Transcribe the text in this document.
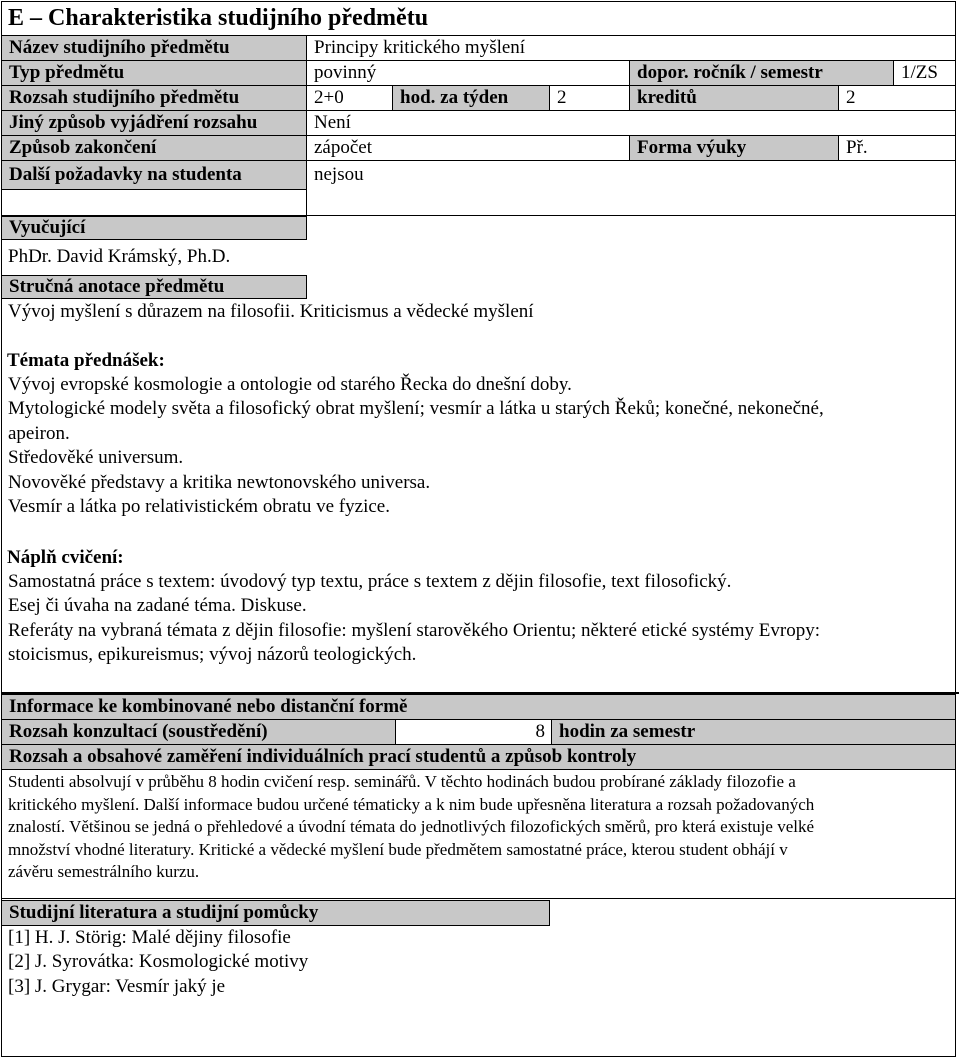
E – Charakteristika studijního předmětu
Název studijního předmětu	Principy kritického myšlení
Typ předmětu	povinný	dopor. ročník / semestr	1/ZS
Rozsah studijního předmětu	2+0	hod. za týden	2	kreditů	2
Jiný způsob vyjádření rozsahu	Není
Způsob zakončení	zápočet	Forma výuky	Př.
Další požadavky na studenta	nejsou
Vyučující
PhDr. David Krámský, Ph.D.
Stručná anotace předmětu
Vývoj myšlení s důrazem na filosofii. Kriticismus a vědecké myšlení
Témata přednášek:
Vývoj evropské kosmologie a ontologie od starého Řecka do dnešní doby.
Mytologické modely světa a filosofický obrat myšlení; vesmír a látka u starých Řeků; konečné, nekonečné,
apeiron.
Středověké universum.
Novověké představy a kritika newtonovského universa.
Vesmír a látka po relativistickém obratu ve fyzice.
Náplň cvičení:
Samostatná práce s textem: úvodový typ textu, práce s textem z dějin filosofie, text filosofický.
Esej či úvaha na zadané téma. Diskuse.
Referáty na vybraná témata z dějin filosofie: myšlení starověkého Orientu; některé etické systémy Evropy:
stoicismus, epikureismus; vývoj názorů teologických.
Informace ke kombinované nebo distanční formě
Rozsah konzultací (soustředění)	8 hodin za semestr
Rozsah a obsahové zaměření individuálních prací studentů a způsob kontroly
Studenti absolvují v průběhu 8 hodin cvičení resp. seminářů. V těchto hodinách budou probírané základy filozofie a
kritického myšlení. Další informace budou určené tématicky a k nim bude upřesněna literatura a rozsah požadovaných
znalostí. Většinou se jedná o přehledové a úvodní témata do jednotlivých filozofických směrů, pro která existuje velké
množství vhodné literatury. Kritické a vědecké myšlení bude předmětem samostatné práce, kterou student obhájí v
závěru semestrálního kurzu.
Studijní literatura a studijní pomůcky
[1] H. J. Störig: Malé dějiny filosofie
[2] J. Syrovátka: Kosmologické motivy
[3] J. Grygar: Vesmír jaký je
